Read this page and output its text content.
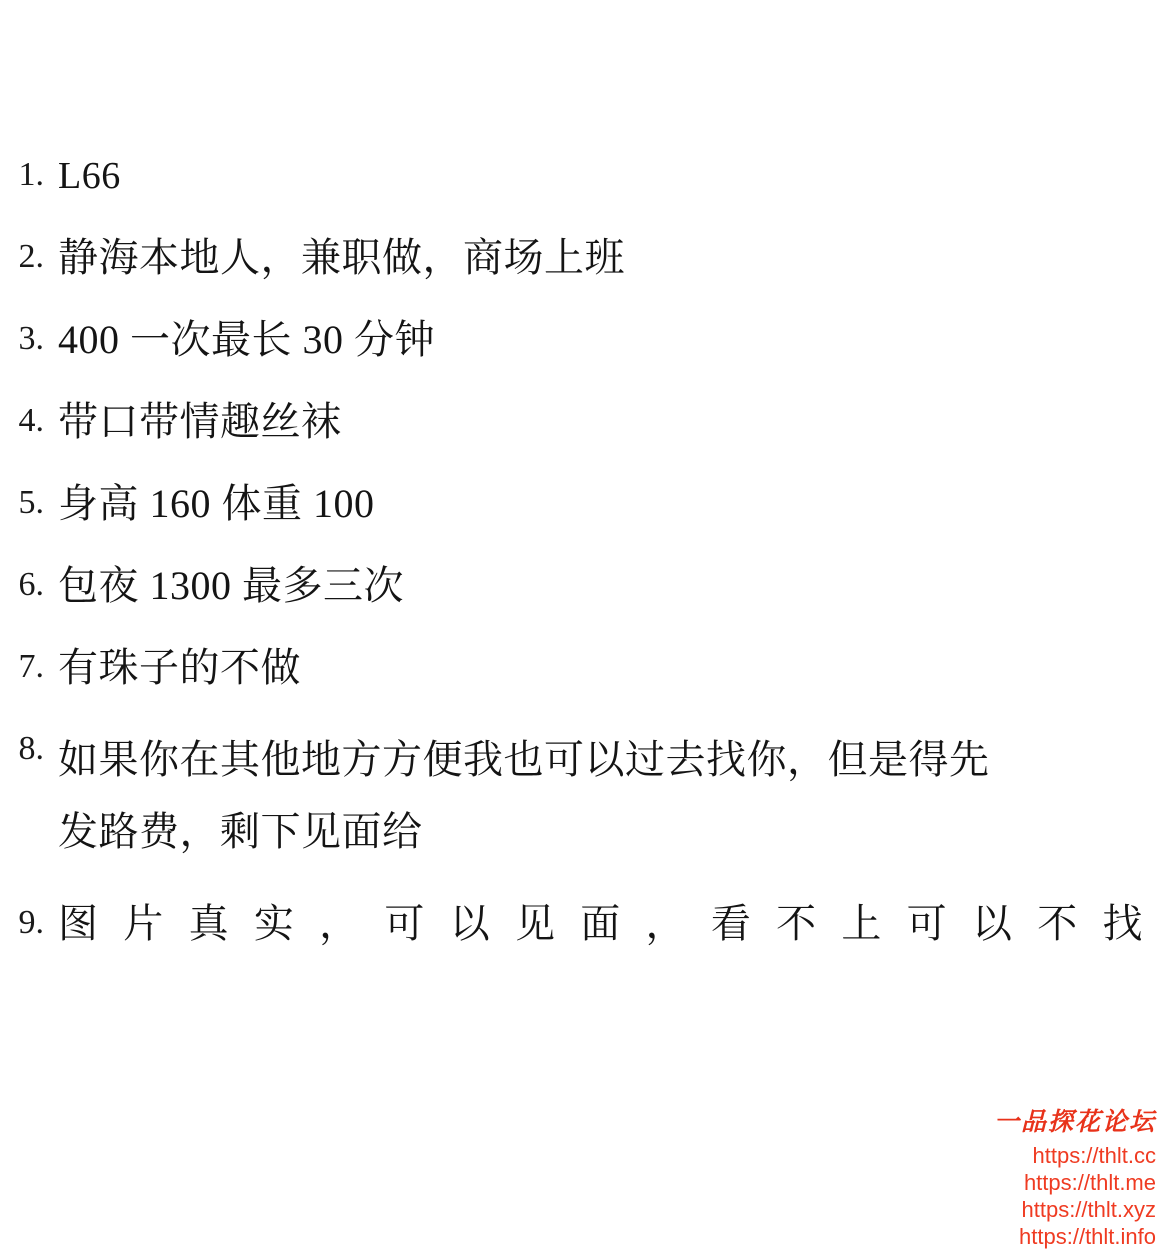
1. L66
2. 静海本地人，兼职做，商场上班
3. 400 一次最长 30 分钟
4. 带口带情趣丝袜
5. 身高 160 体重 100
6. 包夜 1300 最多三次
7. 有珠子的不做
8. 如果你在其他地方方便我也可以过去找你，但是得先
发路费，剩下见面给
9. 图 片 真 实 ， 可 以 见 面 ， 看 不 上 可 以 不 找
一品探花论坛
https://thlt.cc
https://thlt.me
https://thlt.xyz
https://thlt.info
